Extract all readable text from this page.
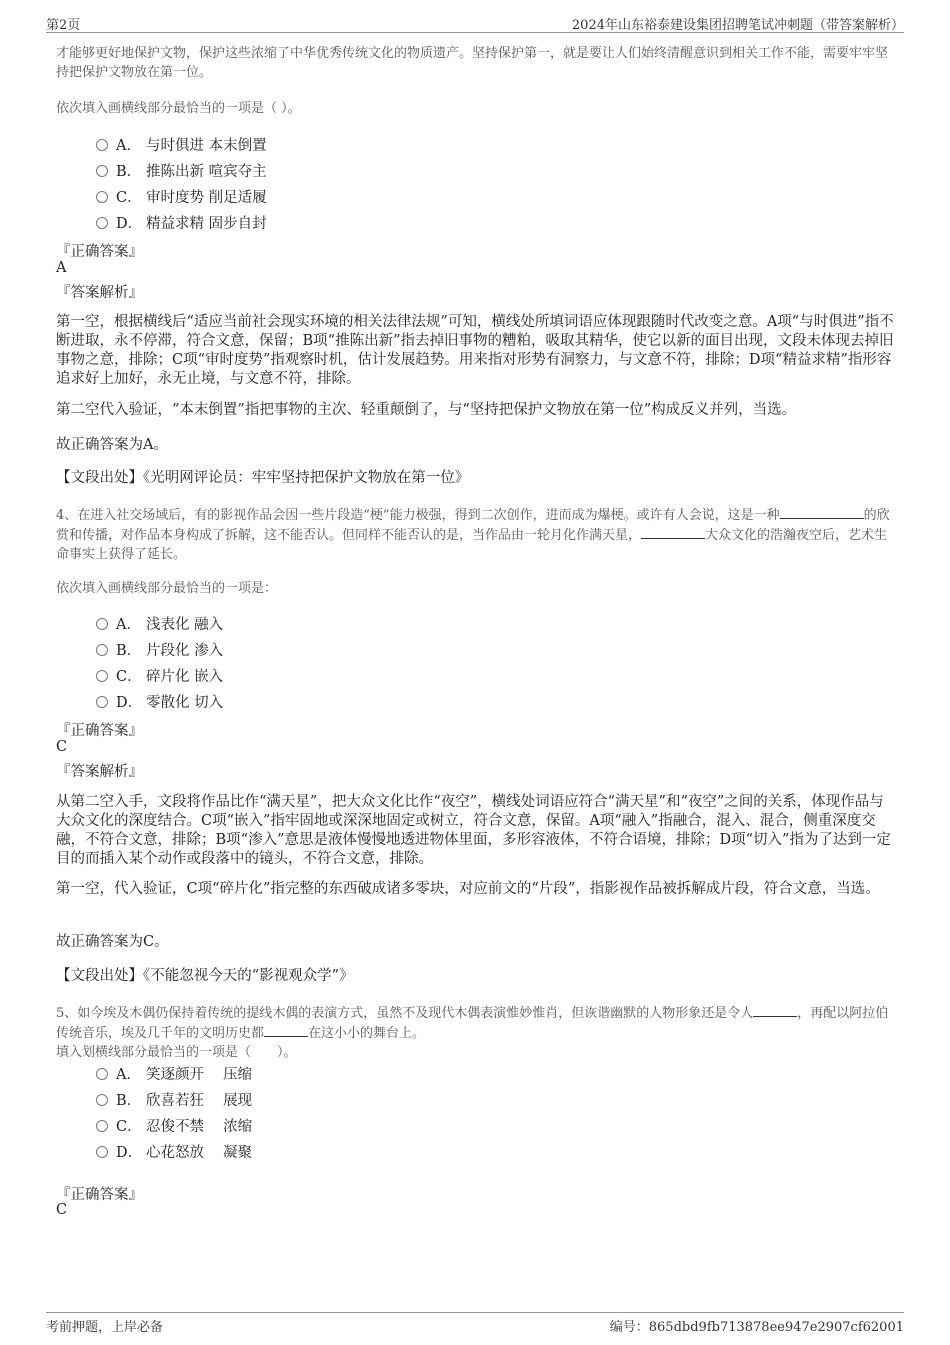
第2页	2024年山东裕泰建设集团招聘笔试冲刺题（带答案解析）
才能够更好地保护文物，保护这些浓缩了中华优秀传统文化的物质遗产。坚持保护第一，就是要让人们始终清醒意识到相关工作不能，需要牢牢坚持把保护文物放在第一位。
依次填入画横线部分最恰当的一项是（ ）。
A． 与时俱进 本末倒置
B． 推陈出新 喧宾夺主
C． 审时度势 削足适履
D． 精益求精 固步自封
『正确答案』
A
『答案解析』
第一空，根据横线后“适应当前社会现实环境的相关法律法规”可知，横线处所填词语应体现跟随时代改变之意。A项“与时俱进”指不断进取，永不停滞，符合文意，保留；B项“推陈出新”指去掉旧事物的糟粕，吸取其精华，使它以新的面目出现，文段未体现去掉旧事物之意，排除；C项“审时度势”指观察时机，估计发展趋势。用来指对形势有洞察力，与文意不符，排除；D项“精益求精”指形容追求好上加好，永无止境，与文意不符，排除。
第二空代入验证，“本末倒置”指把事物的主次、轻重颠倒了，与“坚持把保护文物放在第一位”构成反义并列，当选。
故正确答案为A。
【文段出处】《光明网评论员：牢牢坚持把保护文物放在第一位》
4、在进入社交场域后，有的影视作品会因一些片段造“梗”能力极强，得到二次创作，进而成为爆梗。或许有人会说，这是一种	的欣赏和传播，对作品本身构成了拆解，这不能否认。但同样不能否认的是，当作品由一轮月化作满天星，	大众文化的浩瀚夜空后，艺术生命事实上获得了延长。
依次填入画横线部分最恰当的一项是：
A． 浅表化 融入
B． 片段化 渗入
C． 碎片化 嵌入
D． 零散化 切入
『正确答案』
C
『答案解析』
从第二空入手，文段将作品比作“满天星”，把大众文化比作“夜空”，横线处词语应符合“满天星”和“夜空”之间的关系，体现作品与大众文化的深度结合。C项“嵌入”指牢固地或深深地固定或树立，符合文意，保留。A项“融入”指融合，混入、混合，侧重深度交融，不符合文意，排除；B项“渗入”意思是液体慢慢地透进物体里面，多形容液体，不符合语境，排除；D项“切入”指为了达到一定目的而插入某个动作或段落中的镜头，不符合文意，排除。
第一空，代入验证，C项“碎片化”指完整的东西破成诸多零块，对应前文的“片段”，指影视作品被拆解成片段，符合文意，当选。
故正确答案为C。
【文段出处】《不能忽视今天的“影视观众学”》
5、如今埃及木偶仍保持着传统的提线木偶的表演方式，虽然不及现代木偶表演惟妙惟肖，但诙谐幽默的人物形象还是令人	，再配以阿拉伯传统音乐，埃及几千年的文明历史都	在这小小的舞台上。
填入划横线部分最恰当的一项是（　　）。
A． 笑逐颜开　 压缩
B． 欣喜若狂　 展现
C． 忍俊不禁　 浓缩
D． 心花怒放　 凝聚
『正确答案』
C
考前押题，上岸必备	编号：865dbd9fb713878ee947e2907cf62001
